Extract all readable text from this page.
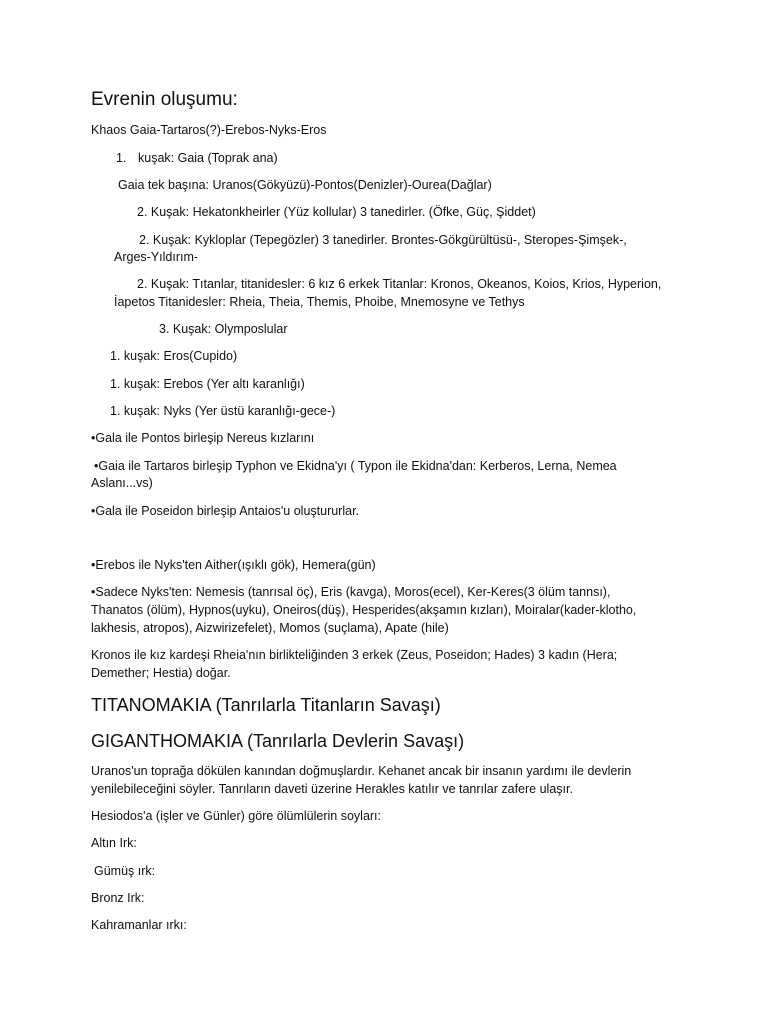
Evrenin oluşumu:
Khaos Gaia-Tartaros(?)-Erebos-Nyks-Eros
1. kuşak: Gaia (Toprak ana)
Gaia tek başına: Uranos(Gökyüzü)-Pontos(Denizler)-Ourea(Dağlar)
2. Kuşak: Hekatonkheirler (Yüz kollular) 3 tanedirler. (Öfke, Güç, Şiddet)
2. Kuşak: Kykloplar (Tepegözler) 3 tanedirler. Brontes-Gökgürültüsü-, Steropes-Şimşek-,
Arges-Yıldırım-
2. Kuşak: Tıtanlar, titanidesler: 6 kız 6 erkek Titanlar: Kronos, Okeanos, Koios, Krios, Hyperion,
İapetos Titanidesler: Rheia, Theia, Themis, Phoibe, Mnemosyne ve Tethys
3. Kuşak: Olymposlular
1. kuşak: Eros(Cupido)
1. kuşak: Erebos (Yer altı karanlığı)
1. kuşak: Nyks (Yer üstü karanlığı-gece-)
•Gala ile Pontos birleşip Nereus kızlarını
•Gaia ile Tartaros birleşip Typhon ve Ekidna'yı ( Typon ile Ekidna'dan: Kerberos, Lerna, Nemea
Aslanı...vs)
•Gala ile Poseidon birleşip Antaios'u oluştururlar.
•Erebos ile Nyks'ten Aither(ışıklı gök), Hemera(gün)
•Sadece Nyks'ten: Nemesis (tanrısal öç), Eris (kavga), Moros(ecel), Ker-Keres(3 ölüm tannsı),
Thanatos (ölüm), Hypnos(uyku), Oneiros(düş), Hesperides(akşamın kızları), Moiralar(kader-klotho,
lakhesis, atropos), Aizwirizefelet), Momos (suçlama), Apate (hile)
Kronos ile kız kardeşi Rheia'nın birlikteliğinden 3 erkek (Zeus, Poseidon; Hades) 3 kadın (Hera;
Demether; Hestia) doğar.
TITANOMAKIA (Tanrılarla Titanların Savaşı)
GIGANTHOMAKIA (Tanrılarla Devlerin Savaşı)
Uranos'un toprağa dökülen kanından doğmuşlardır. Kehanet ancak bir insanın yardımı ile devlerin
yenilebileceğini söyler. Tanrıların daveti üzerine Herakles katılır ve tanrılar zafere ulaşır.
Hesiodos'a (işler ve Günler) göre ölümlülerin soyları:
Altın Irk:
Gümüş ırk:
Bronz Irk:
Kahramanlar ırkı:
